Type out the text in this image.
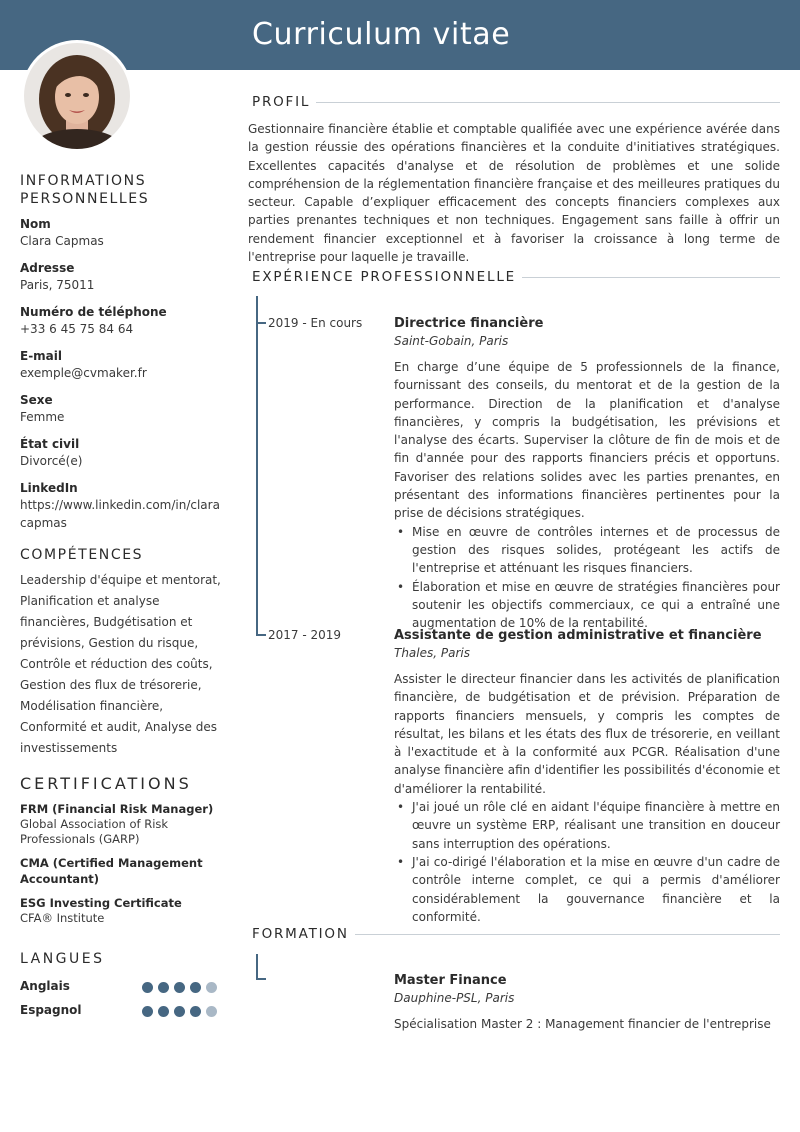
Curriculum vitae
INFORMATIONS PERSONNELLES
Nom
Clara Capmas
Adresse
Paris, 75011
Numéro de téléphone
+33 6 45 75 84 64
E-mail
exemple@cvmaker.fr
Sexe
Femme
État civil
Divorcé(e)
LinkedIn
https://www.linkedin.com/in/claracapmas
COMPÉTENCES
Leadership d'équipe et mentorat, Planification et analyse financières, Budgétisation et prévisions, Gestion du risque, Contrôle et réduction des coûts, Gestion des flux de trésorerie, Modélisation financière, Conformité et audit, Analyse des investissements
CERTIFICATIONS
FRM (Financial Risk Manager)
Global Association of Risk Professionals (GARP)
CMA (Certified Management Accountant)
ESG Investing Certificate
CFA® Institute
LANGUES
Anglais
Espagnol
PROFIL
Gestionnaire financière établie et comptable qualifiée avec une expérience avérée dans la gestion réussie des opérations financières et la conduite d'initiatives stratégiques. Excellentes capacités d'analyse et de résolution de problèmes et une solide compréhension de la réglementation financière française et des meilleures pratiques du secteur. Capable d’expliquer efficacement des concepts financiers complexes aux parties prenantes techniques et non techniques. Engagement sans faille à offrir un rendement financier exceptionnel et à favoriser la croissance à long terme de l'entreprise pour laquelle je travaille.
EXPÉRIENCE PROFESSIONNELLE
2019 - En cours Directrice financière
Saint-Gobain, Paris
En charge d’une équipe de 5 professionnels de la finance, fournissant des conseils, du mentorat et de la gestion de la performance. Direction de la planification et d'analyse financières, y compris la budgétisation, les prévisions et l'analyse des écarts. Superviser la clôture de fin de mois et de fin d'année pour des rapports financiers précis et opportuns. Favoriser des relations solides avec les parties prenantes, en présentant des informations financières pertinentes pour la prise de décisions stratégiques.
• Mise en œuvre de contrôles internes et de processus de gestion des risques solides, protégeant les actifs de l'entreprise et atténuant les risques financiers.
• Élaboration et mise en œuvre de stratégies financières pour soutenir les objectifs commerciaux, ce qui a entraîné une augmentation de 10% de la rentabilité.
2017 - 2019	Assistante de gestion administrative et financière
Thales, Paris
Assister le directeur financier dans les activités de planification financière, de budgétisation et de prévision. Préparation de rapports financiers mensuels, y compris les comptes de résultat, les bilans et les états des flux de trésorerie, en veillant à l'exactitude et à la conformité aux PCGR. Réalisation d'une analyse financière afin d'identifier les possibilités d'économie et d'améliorer la rentabilité.
• J'ai joué un rôle clé en aidant l'équipe financière à mettre en œuvre un système ERP, réalisant une transition en douceur sans interruption des opérations.
• J'ai co-dirigé l'élaboration et la mise en œuvre d'un cadre de contrôle interne complet, ce qui a permis d'améliorer considérablement la gouvernance financière et la conformité.
FORMATION
Master Finance
Dauphine-PSL, Paris
Spécialisation Master 2 : Management financier de l'entreprise
